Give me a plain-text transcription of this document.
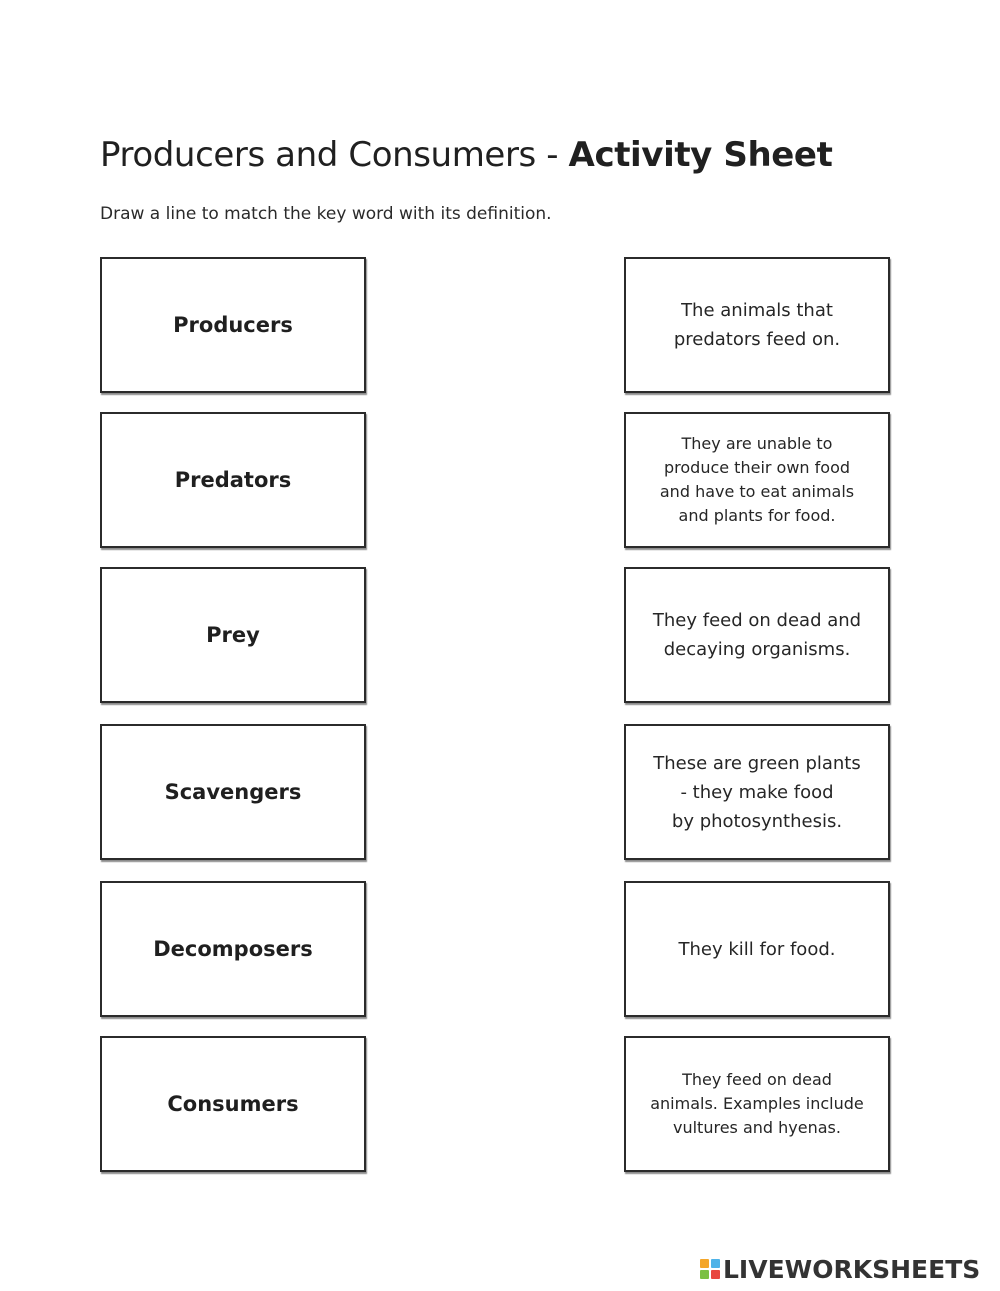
Producers and Consumers - Activity Sheet
Draw a line to match the key word with its definition.
Producers
Predators
Prey
Scavengers
Decomposers
Consumers
The animals that
predators feed on.
They are unable to
produce their own food
and have to eat animals
and plants for food.
They feed on dead and
decaying organisms.
These are green plants
- they make food
by photosynthesis.
They kill for food.
They feed on dead
animals. Examples include
vultures and hyenas.
LIVEWORKSHEETS
